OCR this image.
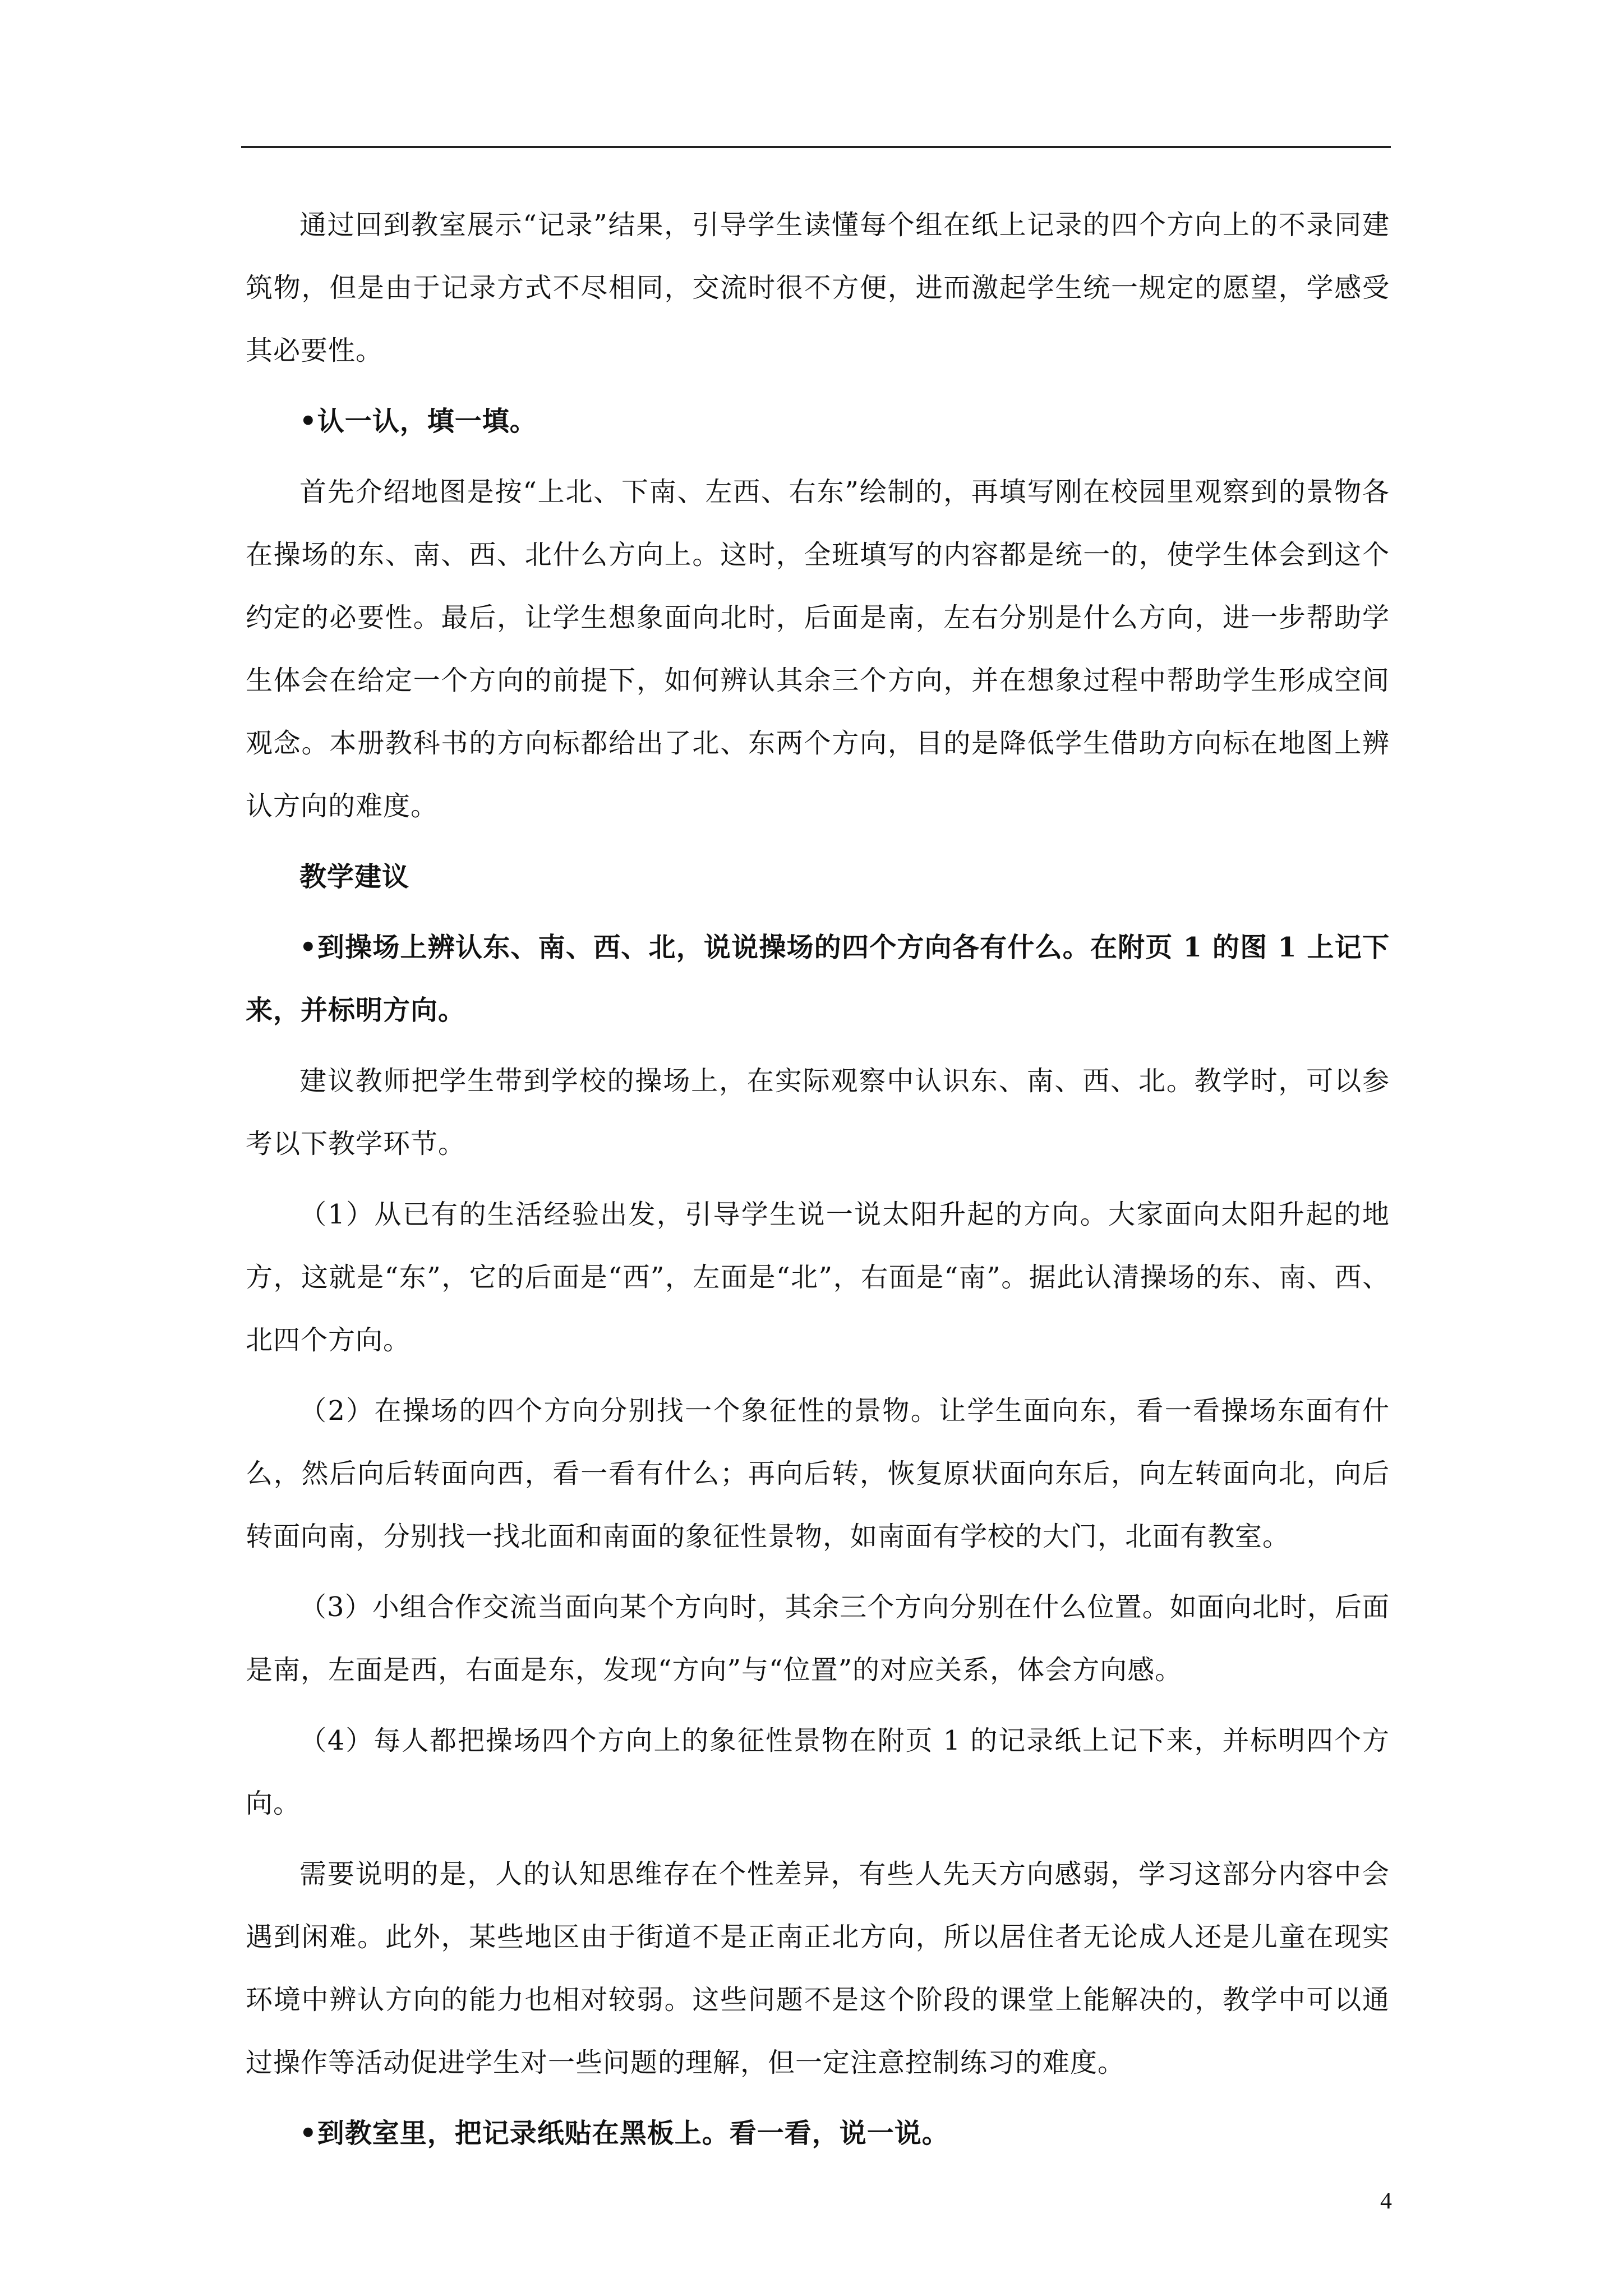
通过回到教室展示“记录”结果，引导学生读懂每个组在纸上记录的四个方向上的不录同建筑物，但是由于记录方式不尽相同，交流时很不方便，进而激起学生统一规定的愿望，学感受其必要性。

•认一认，填一填。

首先介绍地图是按“上北、下南、左西、右东”绘制的，再填写刚在校园里观察到的景物各在操场的东、南、西、北什么方向上。这时，全班填写的内容都是统一的，使学生体会到这个约定的必要性。最后，让学生想象面向北时，后面是南，左右分别是什么方向，进一步帮助学生体会在给定一个方向的前提下，如何辨认其余三个方向，并在想象过程中帮助学生形成空间观念。本册教科书的方向标都给出了北、东两个方向，目的是降低学生借助方向标在地图上辨认方向的难度。

教学建议

•到操场上辨认东、南、西、北，说说操场的四个方向各有什么。在附页 1 的图 1 上记下来，并标明方向。

建议教师把学生带到学校的操场上，在实际观察中认识东、南、西、北。教学时，可以参考以下教学环节。

（1）从已有的生活经验出发，引导学生说一说太阳升起的方向。大家面向太阳升起的地方，这就是“东”，它的后面是“西”，左面是“北”，右面是“南”。据此认清操场的东、南、西、北四个方向。

（2）在操场的四个方向分别找一个象征性的景物。让学生面向东，看一看操场东面有什么，然后向后转面向西，看一看有什么；再向后转，恢复原状面向东后，向左转面向北，向后转面向南，分别找一找北面和南面的象征性景物，如南面有学校的大门，北面有教室。

（3）小组合作交流当面向某个方向时，其余三个方向分别在什么位置。如面向北时，后面是南，左面是西，右面是东，发现“方向”与“位置”的对应关系，体会方向感。

（4）每人都把操场四个方向上的象征性景物在附页 1 的记录纸上记下来，并标明四个方向。

需要说明的是，人的认知思维存在个性差异，有些人先天方向感弱，学习这部分内容中会遇到闲难。此外，某些地区由于街道不是正南正北方向，所以居住者无论成人还是儿童在现实环境中辨认方向的能力也相对较弱。这些问题不是这个阶段的课堂上能解决的，教学中可以通过操作等活动促进学生对一些问题的理解，但一定注意控制练习的难度。

•到教室里，把记录纸贴在黑板上。看一看，说一说。

4
